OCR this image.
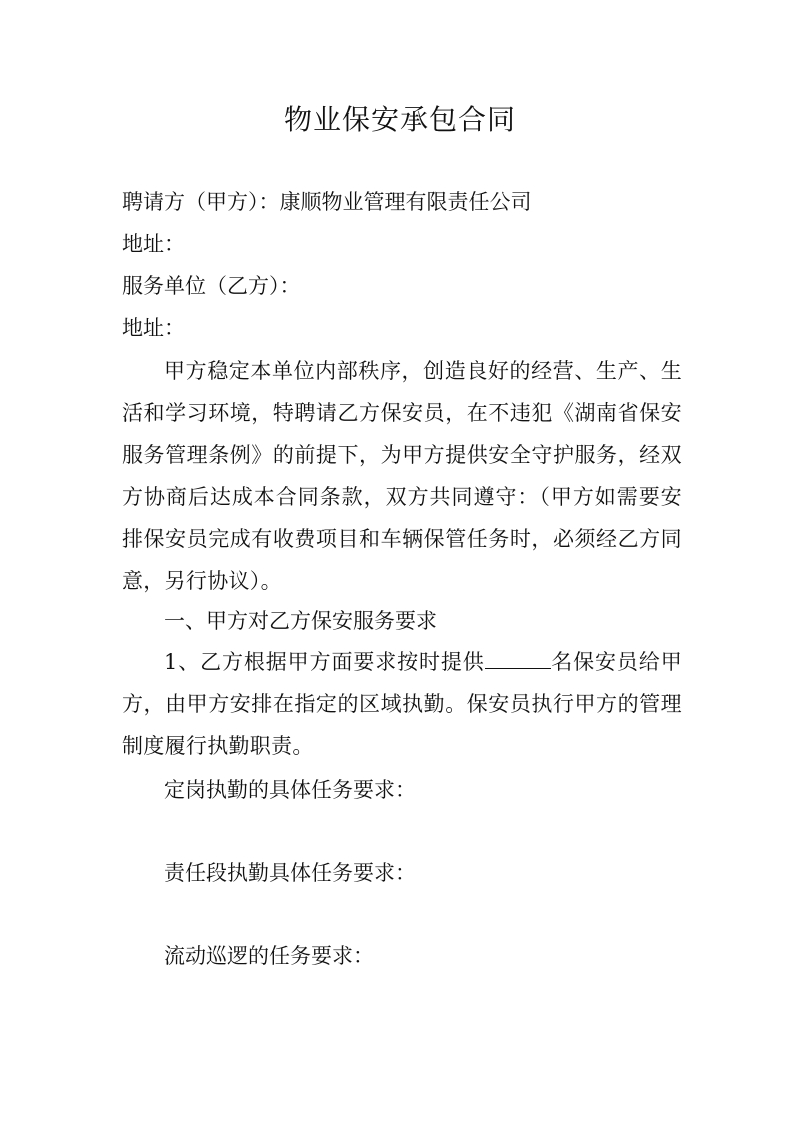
物业保安承包合同
聘请方（甲方）：康顺物业管理有限责任公司
地址：
服务单位（乙方）：
地址：
甲方稳定本单位内部秩序，创造良好的经营、生产、生活和学习环境，特聘请乙方保安员，在不违犯《湖南省保安服务管理条例》的前提下，为甲方提供安全守护服务，经双方协商后达成本合同条款，双方共同遵守：（甲方如需要安排保安员完成有收费项目和车辆保管任务时，必须经乙方同意，另行协议）。
一、甲方对乙方保安服务要求
1、乙方根据甲方面要求按时提供	名保安员给甲方，由甲方安排在指定的区域执勤。保安员执行甲方的管理制度履行执勤职责。
定岗执勤的具体任务要求：
责任段执勤具体任务要求：
流动巡逻的任务要求：
